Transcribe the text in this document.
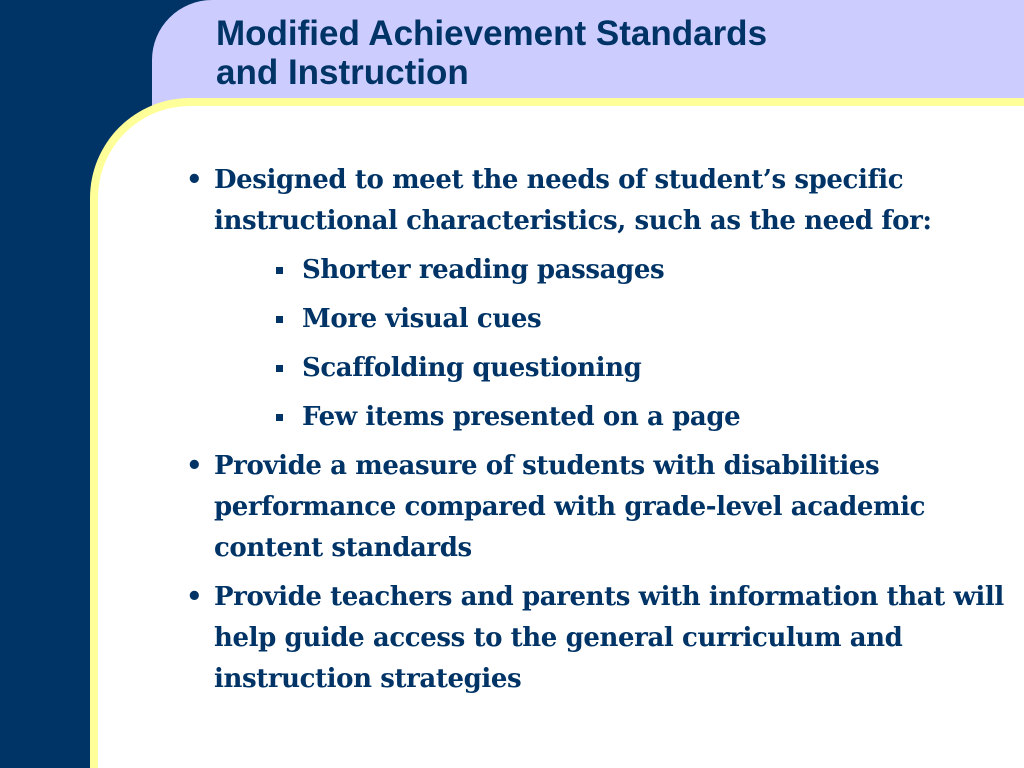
Modified Achievement Standards
and Instruction
• Designed to meet the needs of student’s specific instructional characteristics, such as the need for:
Shorter reading passages
More visual cues
Scaffolding questioning
Few items presented on a page
• Provide a measure of students with disabilities performance compared with grade-level academic content standards
• Provide teachers and parents with information that will help guide access to the general curriculum and instruction strategies
